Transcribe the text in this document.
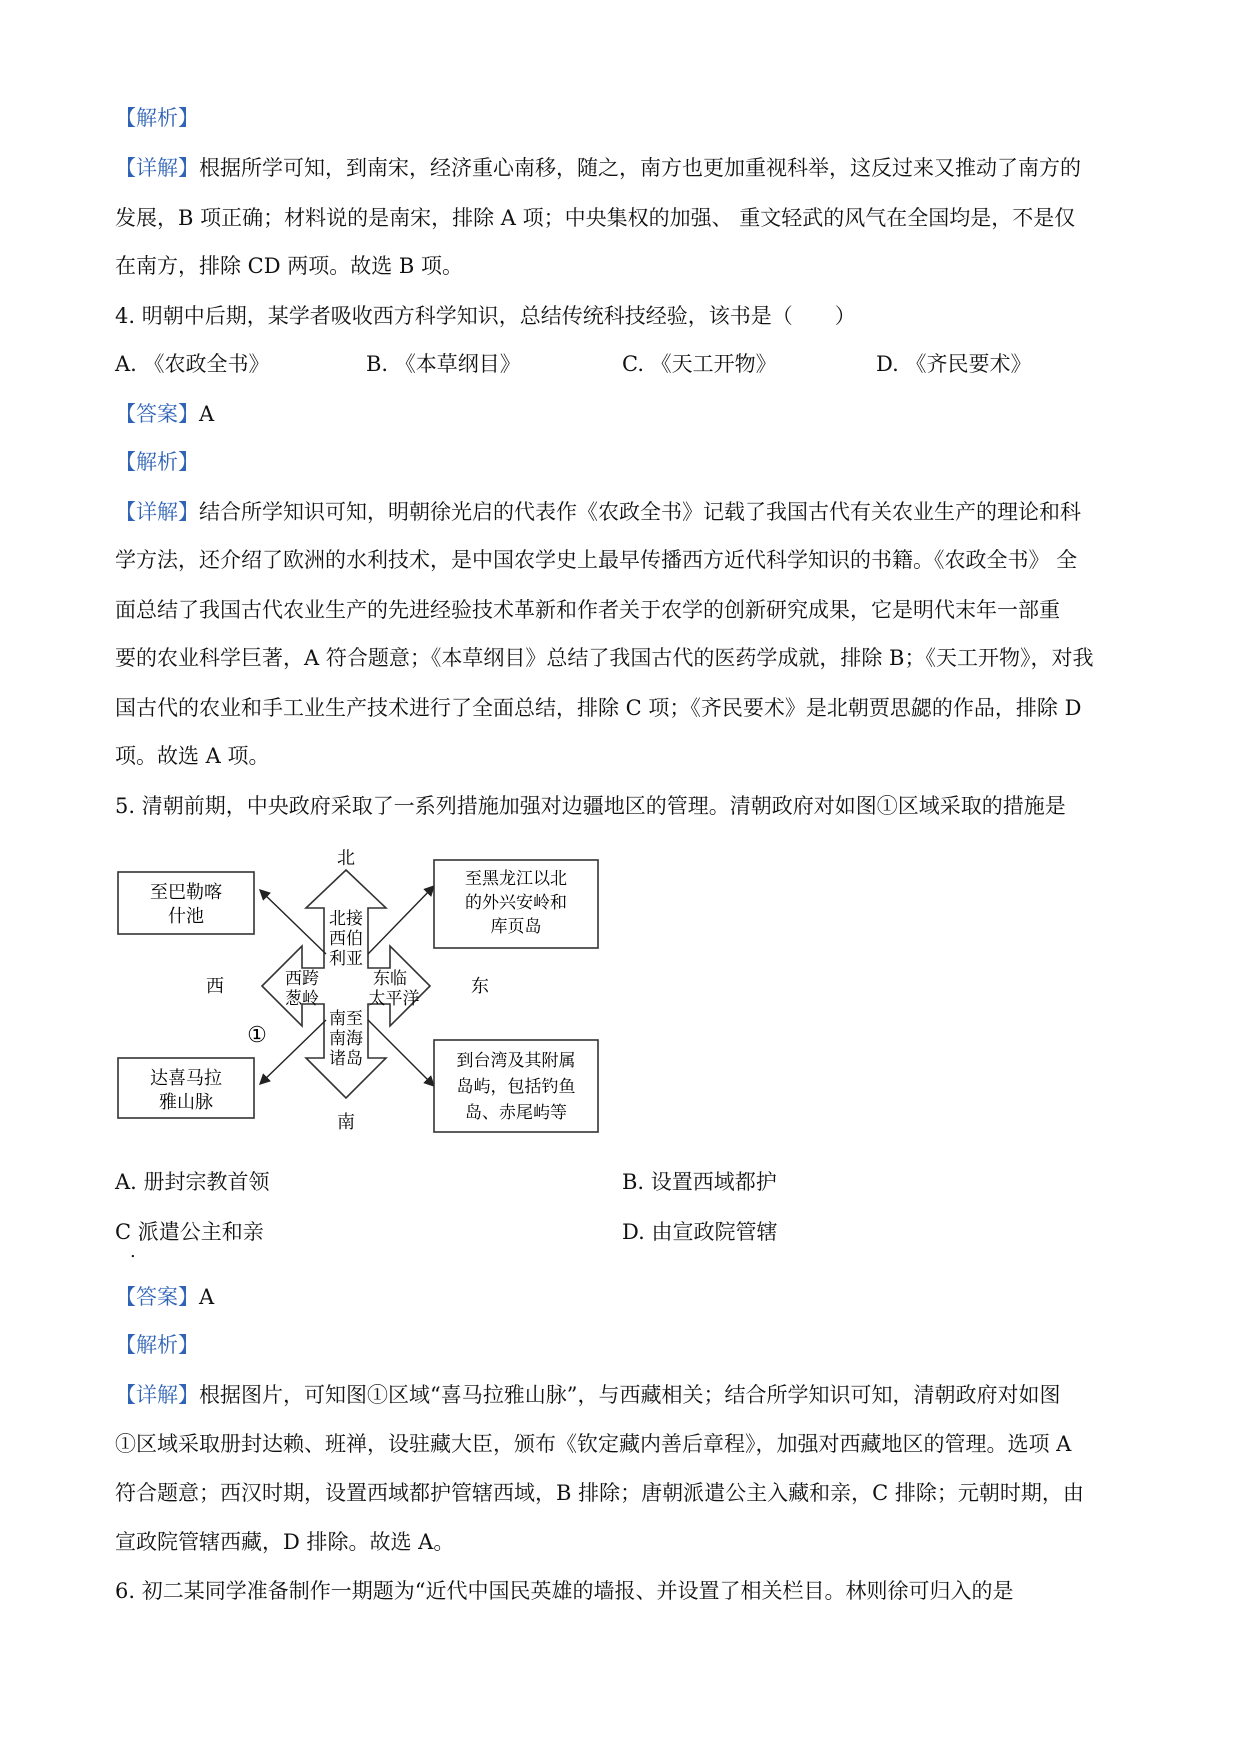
【解析】
【详解】根据所学可知，到南宋，经济重心南移，随之，南方也更加重视科举，这反过来又推动了南方的
发展，B 项正确；材料说的是南宋，排除 A 项；中央集权的加强、 重文轻武的风气在全国均是，不是仅
在南方，排除 CD 两项。故选 B 项。
4. 明朝中后期，某学者吸收西方科学知识，总结传统科技经验，该书是（　　）
A. 《农政全书》	B. 《本草纲目》	C. 《天工开物》	D. 《齐民要术》
【答案】A
【解析】
【详解】结合所学知识可知，明朝徐光启的代表作《农政全书》记载了我国古代有关农业生产的理论和科
学方法，还介绍了欧洲的水利技术，是中国农学史上最早传播西方近代科学知识的书籍。《农政全书》 全
面总结了我国古代农业生产的先进经验技术革新和作者关于农学的创新研究成果，它是明代末年一部重
要的农业科学巨著，A 符合题意；《本草纲目》总结了我国古代的医药学成就，排除 B；《天工开物》，对我
国古代的农业和手工业生产技术进行了全面总结，排除 C 项；《齐民要术》是北朝贾思勰的作品，排除 D
项。故选 A 项。
5. 清朝前期，中央政府采取了一系列措施加强对边疆地区的管理。清朝政府对如图①区域采取的措施是
北
南
西	东
①
北接
西伯
利亚
西跨
葱岭
东临
太平洋
南至
南海
诸岛
至巴勒喀
什池
至黑龙江以北
的外兴安岭和
库页岛
达喜马拉
雅山脉
到台湾及其附属
岛屿，包括钓鱼
岛、赤尾屿等
A. 册封宗教首领	B. 设置西域都护
C 派遣公主和亲	D. 由宣政院管辖
.
【答案】A
【解析】
【详解】根据图片，可知图①区域“喜马拉雅山脉”，与西藏相关；结合所学知识可知，清朝政府对如图
①区域采取册封达赖、班禅，设驻藏大臣，颁布《钦定藏内善后章程》，加强对西藏地区的管理。选项 A
符合题意；西汉时期，设置西域都护管辖西域，B 排除；唐朝派遣公主入藏和亲，C 排除；元朝时期，由
宣政院管辖西藏，D 排除。故选 A。
6. 初二某同学准备制作一期题为“近代中国民英雄的墙报、并设置了相关栏目。林则徐可归入的是
